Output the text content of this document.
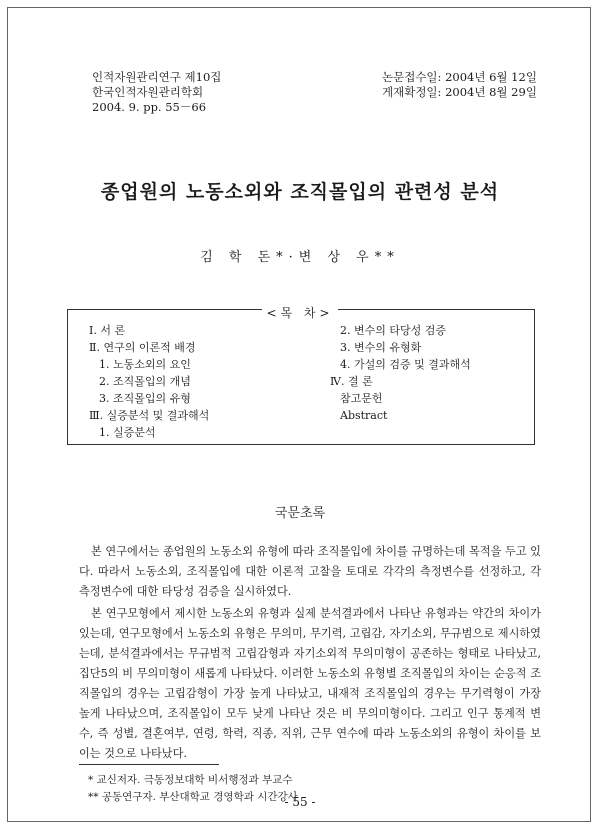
인적자원관리연구 제10집
한국인적자원관리학회
2004. 9. pp. 55－66
논문접수일: 2004년 6월 12일
게재확정일: 2004년 8월 29일
종업원의 노동소외와 조직몰입의 관련성 분석
김 학 돈*·변 상 우**
<목 차>
Ⅰ. 서 론
Ⅱ. 연구의 이론적 배경
1. 노동소외의 요인
2. 조직몰입의 개념
3. 조직몰입의 유형
Ⅲ. 실증분석 및 결과해석
1. 실증분석
2. 변수의 타당성 검증
3. 변수의 유형화
4. 가설의 검증 및 결과해석
Ⅳ. 결 론
참고문헌
Abstract
국문초록

본 연구에서는 종업원의 노동소외 유형에 따라 조직몰입에 차이를 규명하는데 목적을 두고 있다. 따라서 노동소외, 조직몰입에 대한 이론적 고찰을 토대로 각각의 측정변수를 선정하고, 각 측정변수에 대한 타당성 검증을 실시하였다.

본 연구모형에서 제시한 노동소외 유형과 실제 분석결과에서 나타난 유형과는 약간의 차이가 있는데, 연구모형에서 노동소외 유형은 무의미, 무기력, 고립감, 자기소외, 무규범으로 제시하였는데, 분석결과에서는 무규범적 고립감형과 자기소외적 무의미형이 공존하는 형태로 나타났고, 집단5의 비 무의미형이 새롭게 나타났다. 이러한 노동소외 유형별 조직몰입의 차이는 순응적 조직몰입의 경우는 고립감형이 가장 높게 나타났고, 내재적 조직몰입의 경우는 무기력형이 가장 높게 나타났으며, 조직몰입이 모두 낮게 나타난 것은 비 무의미형이다. 그리고 인구 통계적 변수, 즉 성별, 결혼여부, 연령, 학력, 직종, 직위, 근무 연수에 따라 노동소외의 유형이 차이를 보이는 것으로 나타났다.

* 교신저자. 극동정보대학 비서행정과 부교수
** 공동연구자. 부산대학교 경영학과 시간강사
- 55 -
